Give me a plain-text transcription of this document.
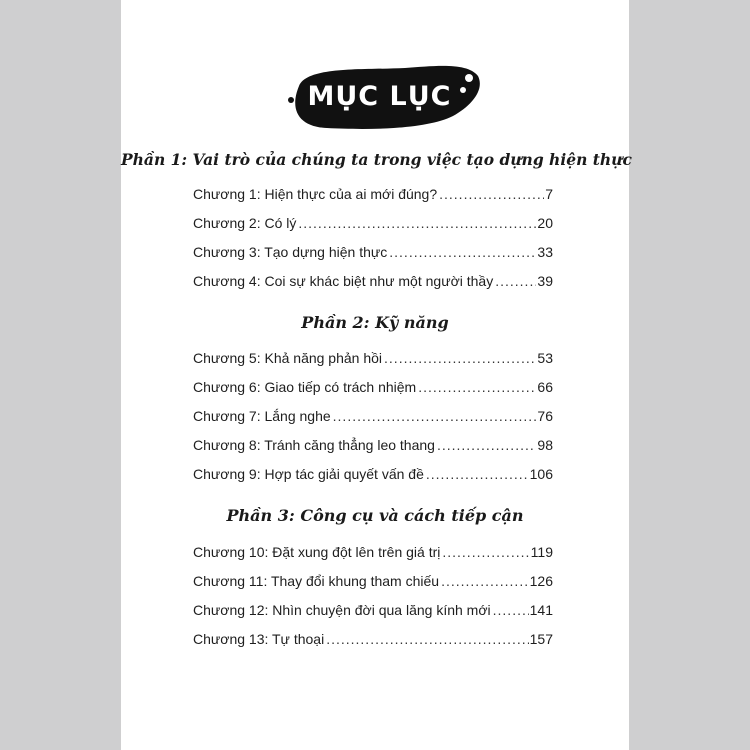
MỤC LỤC
Phần 1: Vai trò của chúng ta trong việc tạo dựng hiện thực
Chương 1: Hiện thực của ai mới đúng? .....	7
Chương 2: Có lý .....	20
Chương 3: Tạo dựng hiện thực .....	33
Chương 4: Coi sự khác biệt như một người thầy .....	39
Phần 2: Kỹ năng
Chương 5: Khả năng phản hồi .....	53
Chương 6: Giao tiếp có trách nhiệm .....	66
Chương 7: Lắng nghe .....	76
Chương 8: Tránh căng thẳng leo thang .....	98
Chương 9: Hợp tác giải quyết vấn đề .....	106
Phần 3: Công cụ và cách tiếp cận
Chương 10: Đặt xung đột lên trên giá trị .....	119
Chương 11: Thay đổi khung tham chiếu .....	126
Chương 12: Nhìn chuyện đời qua lăng kính mới .....	141
Chương 13: Tự thoại .....	157
